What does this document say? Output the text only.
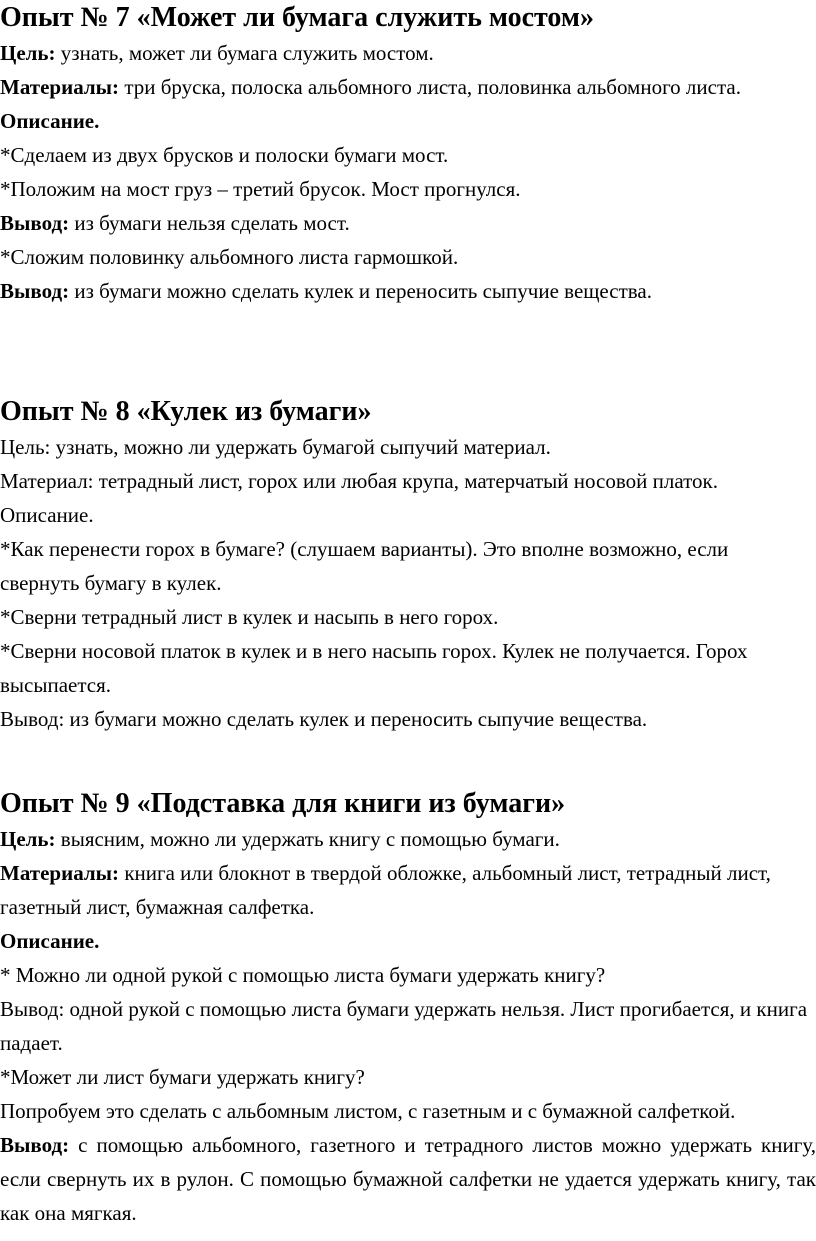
Опыт № 7 «Может ли бумага служить мостом»

Цель: узнать, может ли бумага служить мостом.

Материалы: три бруска, полоска альбомного листа, половинка альбомного листа.

Описание.

*Сделаем из двух брусков и полоски бумаги мост.

*Положим на мост груз – третий брусок. Мост прогнулся.

Вывод: из бумаги нельзя сделать мост.

*Сложим половинку альбомного листа гармошкой.

Вывод: из бумаги можно сделать кулек и переносить сыпучие вещества.

Опыт № 8 «Кулек из бумаги»

Цель: узнать, можно ли удержать бумагой сыпучий материал.

Материал: тетрадный лист, горох или любая крупа, матерчатый носовой платок. Описание.

*Как перенести горох в бумаге? (слушаем варианты). Это вполне возможно, если свернуть бумагу в кулек.

*Сверни тетрадный лист в кулек и насыпь в него горох.

*Сверни носовой платок в кулек и в него насыпь горох. Кулек не получается. Горох высыпается.

Вывод: из бумаги можно сделать кулек и переносить сыпучие вещества.

Опыт № 9 «Подставка для книги из бумаги»

Цель: выясним, можно ли удержать книгу с помощью бумаги.

Материалы: книга или блокнот в твердой обложке, альбомный лист, тетрадный лист, газетный лист, бумажная салфетка.

Описание.

* Можно ли одной рукой с помощью листа бумаги удержать книгу?

Вывод: одной рукой с помощью листа бумаги удержать нельзя. Лист прогибается, и книга падает.

*Может ли лист бумаги удержать книгу?

Попробуем это сделать с альбомным листом, с газетным и с бумажной салфеткой.

Вывод: с помощью альбомного, газетного и тетрадного листов можно удержать книгу, если свернуть их в рулон. С помощью бумажной салфетки не удается удержать книгу, так как она мягкая.
